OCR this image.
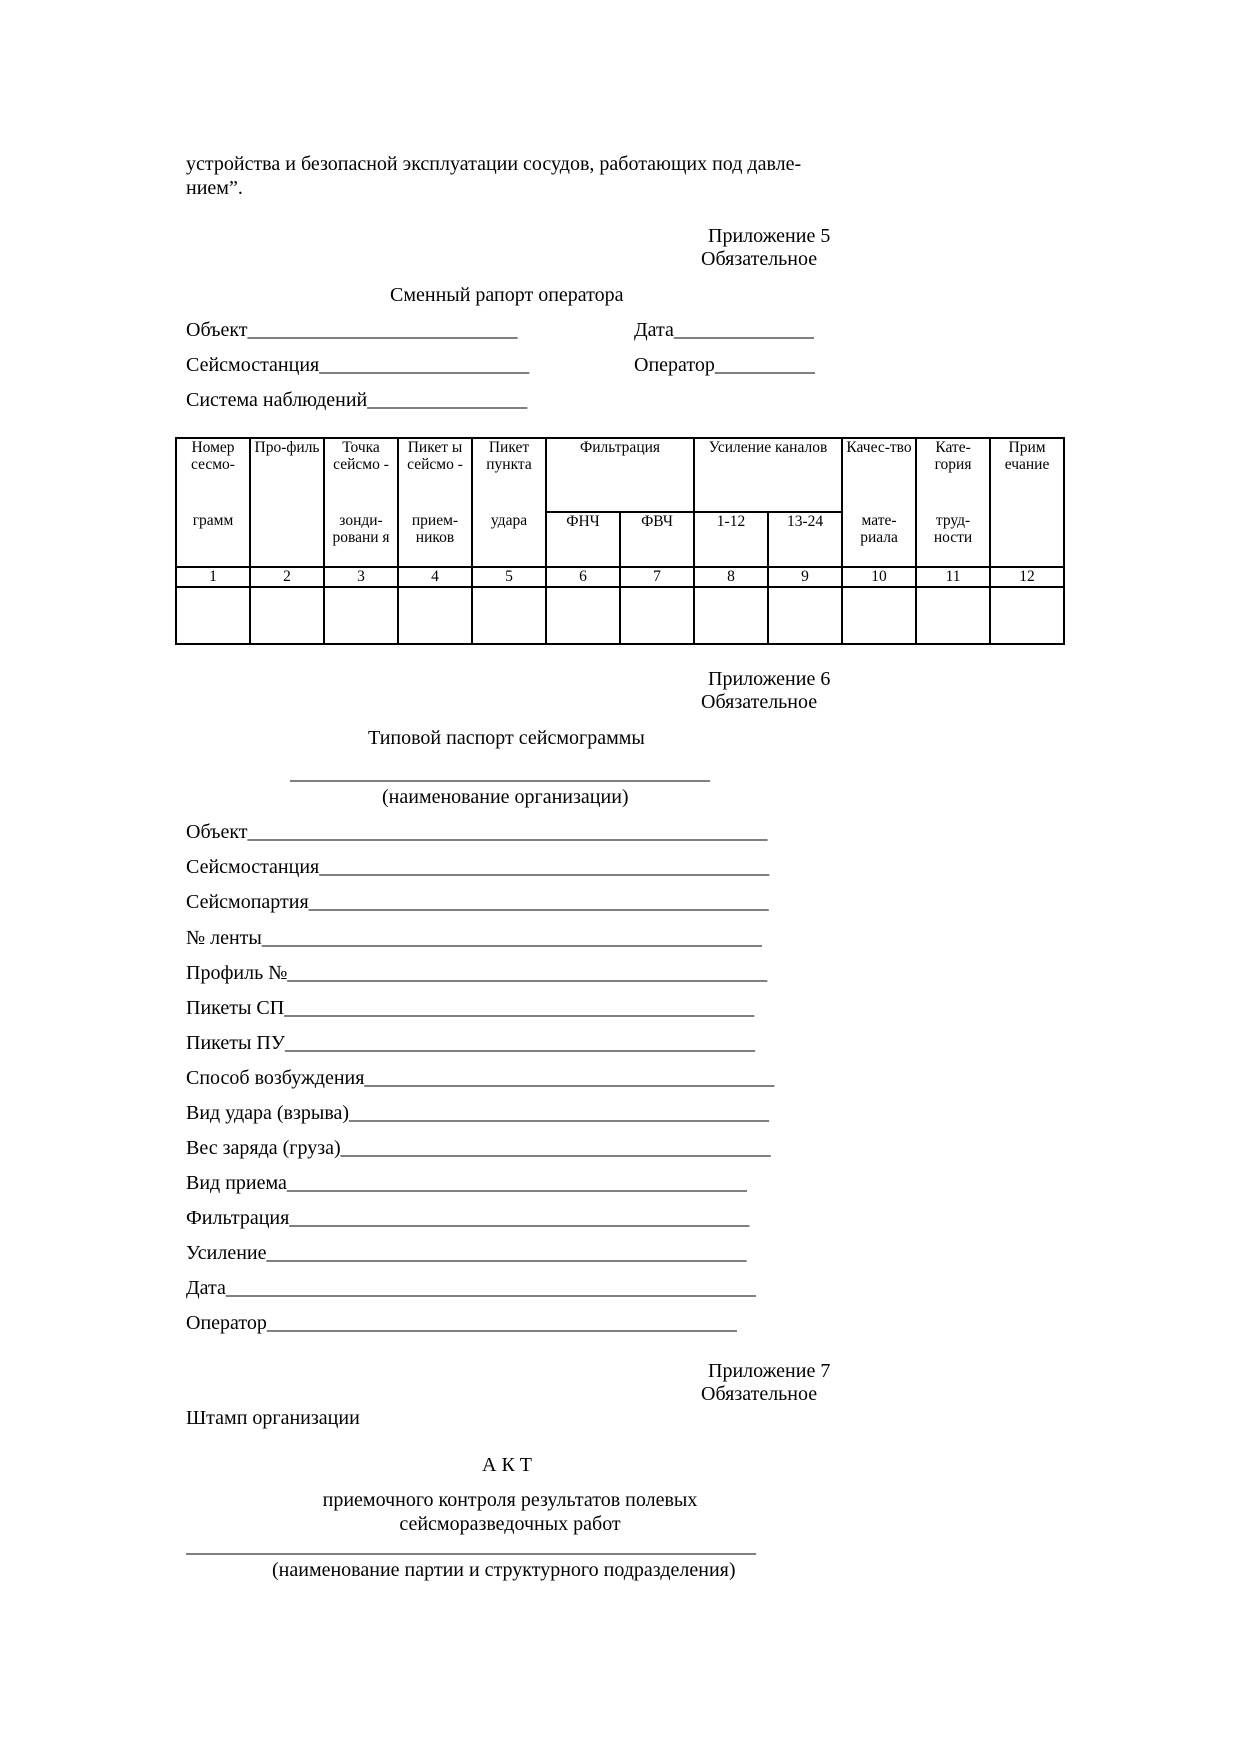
устройства и безопасной эксплуатации сосудов, работающих под давле-
нием”.
Приложение 5
Обязательное
Сменный рапорт оператора
Объект___________________________	Дата______________
Сейсмостанция_____________________	Оператор__________
Система наблюдений________________
Номер сесмо-	Про-филь	Точка сейсмо -	Пикет ы сейсмо -	Пикет пункта	Фильтрация		Усиление каналов		Качес-тво	Кате-гория	Прим ечание
грамм		зонди-ровани я	прием-ников	удара	ФНЧ	ФВЧ	1-12	13-24	мате-риала	труд-ности	
1	2	3	4	5	6	7	8	9	10	11	12

Приложение 6
Обязательное
Типовой паспорт сейсмограммы
__________________________________________
(наименование организации)
Объект____________________________________________________
Сейсмостанция_____________________________________________
Сейсмопартия______________________________________________
№ ленты__________________________________________________
Профиль №________________________________________________
Пикеты СП_______________________________________________
Пикеты ПУ_______________________________________________
Способ возбуждения_________________________________________
Вид удара (взрыва)__________________________________________
Вес заряда (груза)___________________________________________
Вид приема______________________________________________
Фильтрация______________________________________________
Усиление________________________________________________
Дата_____________________________________________________
Оператор_______________________________________________
Приложение 7
Обязательное
Штамп организации
А К Т
приемочного контроля результатов полевых
сейсморазведочных работ
_________________________________________________________
(наименование партии и структурного подразделения)
